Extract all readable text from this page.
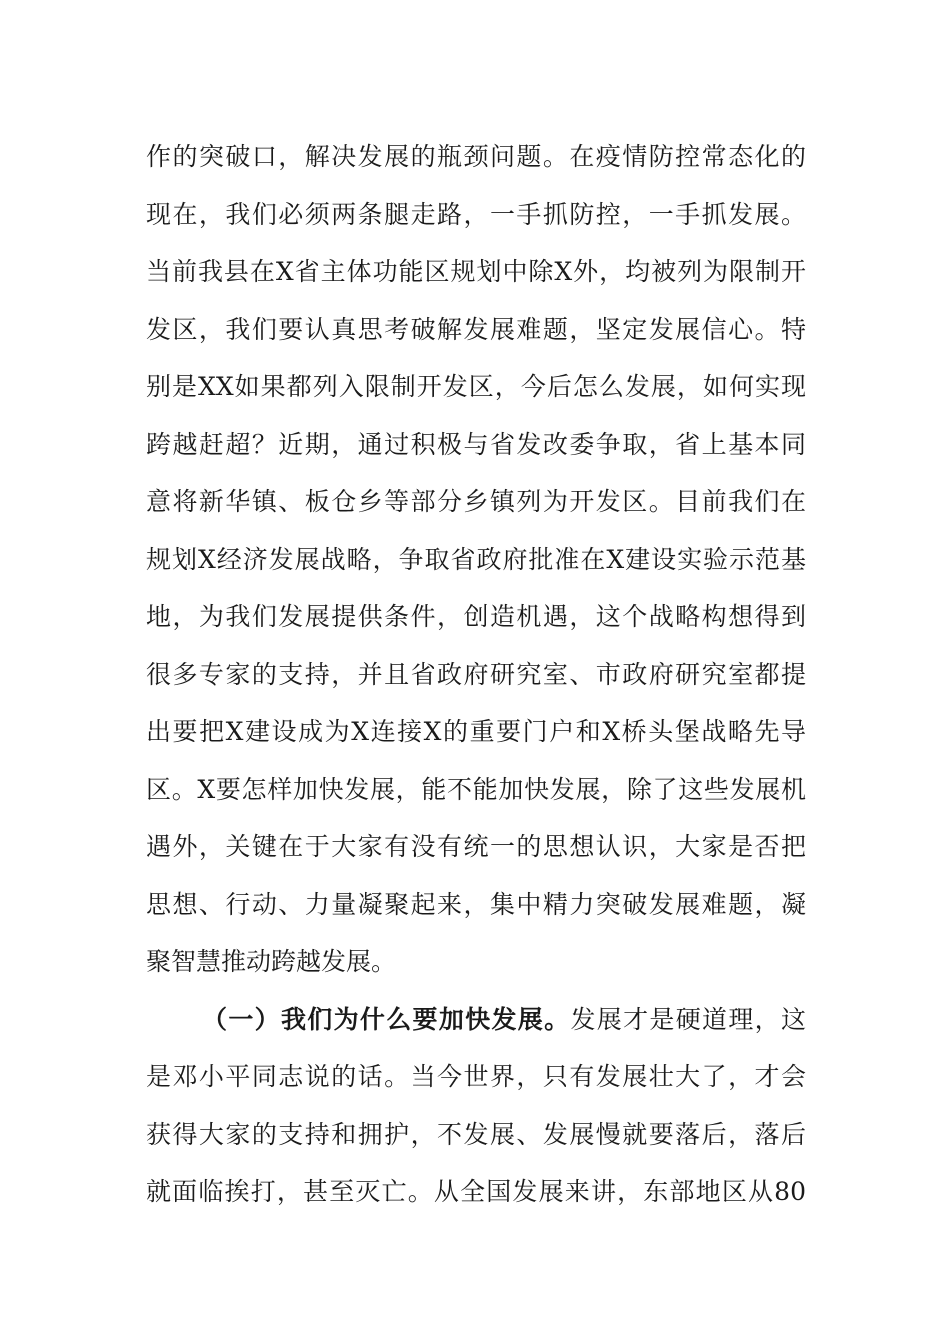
作的突破口，解决发展的瓶颈问题。在疫情防控常态化的
现在，我们必须两条腿走路，一手抓防控，一手抓发展。
当前我县在X省主体功能区规划中除X外，均被列为限制开
发区，我们要认真思考破解发展难题，坚定发展信心。特
别是XX如果都列入限制开发区，今后怎么发展，如何实现
跨越赶超？近期，通过积极与省发改委争取，省上基本同
意将新华镇、板仓乡等部分乡镇列为开发区。目前我们在
规划X经济发展战略，争取省政府批准在X建设实验示范基
地，为我们发展提供条件，创造机遇，这个战略构想得到
很多专家的支持，并且省政府研究室、市政府研究室都提
出要把X建设成为X连接X的重要门户和X桥头堡战略先导
区。X要怎样加快发展，能不能加快发展，除了这些发展机
遇外，关键在于大家有没有统一的思想认识，大家是否把
思想、行动、力量凝聚起来，集中精力突破发展难题，凝
聚智慧推动跨越发展。
（一）我们为什么要加快发展。发展才是硬道理，这
是邓小平同志说的话。当今世界，只有发展壮大了，才会
获得大家的支持和拥护，不发展、发展慢就要落后，落后
就面临挨打，甚至灭亡。从全国发展来讲，东部地区从80
